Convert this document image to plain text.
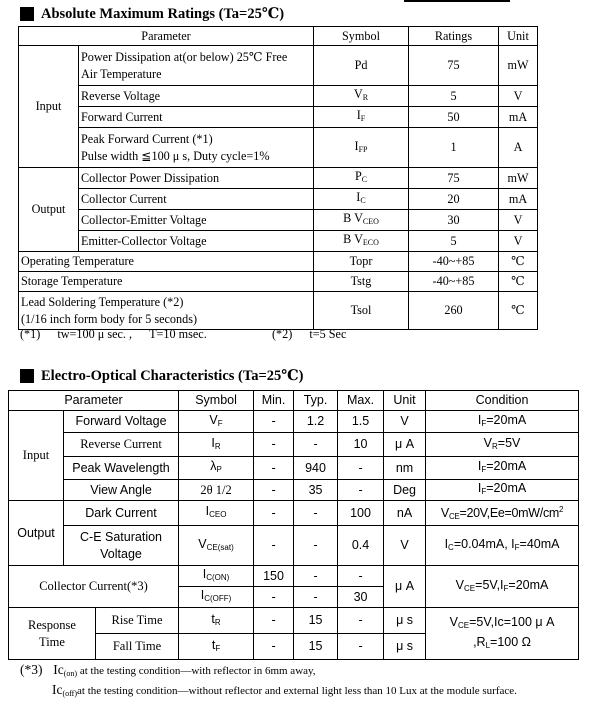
Absolute Maximum Ratings (Ta=25℃)
Parameter		Symbol	Ratings	Unit
Input	Power Dissipation at(or below) 25℃ Free
Air Temperature	Pd	75	mW
	Reverse Voltage	$V_R$	5	V
	Forward Current	$I_F$	50	mA
	Peak Forward Current (*1)
Pulse width ≦100 μ s, Duty cycle=1%	$I_{FP}$	1	A
Output	Collector Power Dissipation	$P_C$	75	mW
	Collector Current	$I_C$	20	mA
	Collector-Emitter Voltage	B $V_{CEO}$	30	V
	Emitter-Collector Voltage	B $V_{ECO}$	5	V
Operating Temperature		Topr	-40~+85	℃
Storage Temperature		Tstg	-40~+85	℃
Lead Soldering Temperature (*2)
(1/16 inch form body for 5 seconds)		Tsol	260	℃
(*1) tw=100 μ sec. , T=10 msec.	(*2) t=5 Sec
Electro-Optical Characteristics (Ta=25℃)
Parameter			Symbol	Min.	Typ.	Max.	Unit	Condition
Input	Forward Voltage		$V_F$	-	1.2	1.5	V	$I_F=20mA$
	Reverse Current		$I_R$	-	-	10	μ A	$V_R=5V$
	Peak Wavelength		$\lambda_P$	-	940	-	nm	$I_F=20mA$
	View Angle		2θ 1/2	-	35	-	Deg	$I_F=20mA$
Output	Dark Current		$I_{CEO}$	-	-	100	nA	$V_{CE}=20V,Ee=0mW/cm^2$
	C-E Saturation
Voltage		$V_{CE(sat)}$	-	-	0.4	V	$I_C=0.04mA$, $I_F=40mA$
Collector Current(*3)			$I_{C(ON)}$	150	-	-	μ A	$V_{CE}=5V,I_F=20mA$
			$I_{C(OFF)}$	-	-	30		
Response
Time		Rise Time	$t_R$	-	15	-	μ s	$V_{CE}=5V,Ic=100$ μ A
$,R_L=100$ Ω
		Fall Time	$t_F$	-	15	-	μ s	
(*3) $Ic_{(on)}$ at the testing condition—with reflector in 6mm away,
$Ic_{(off)}at$ the testing condition—without reflector and external light less than 10 Lux at the module surface.
